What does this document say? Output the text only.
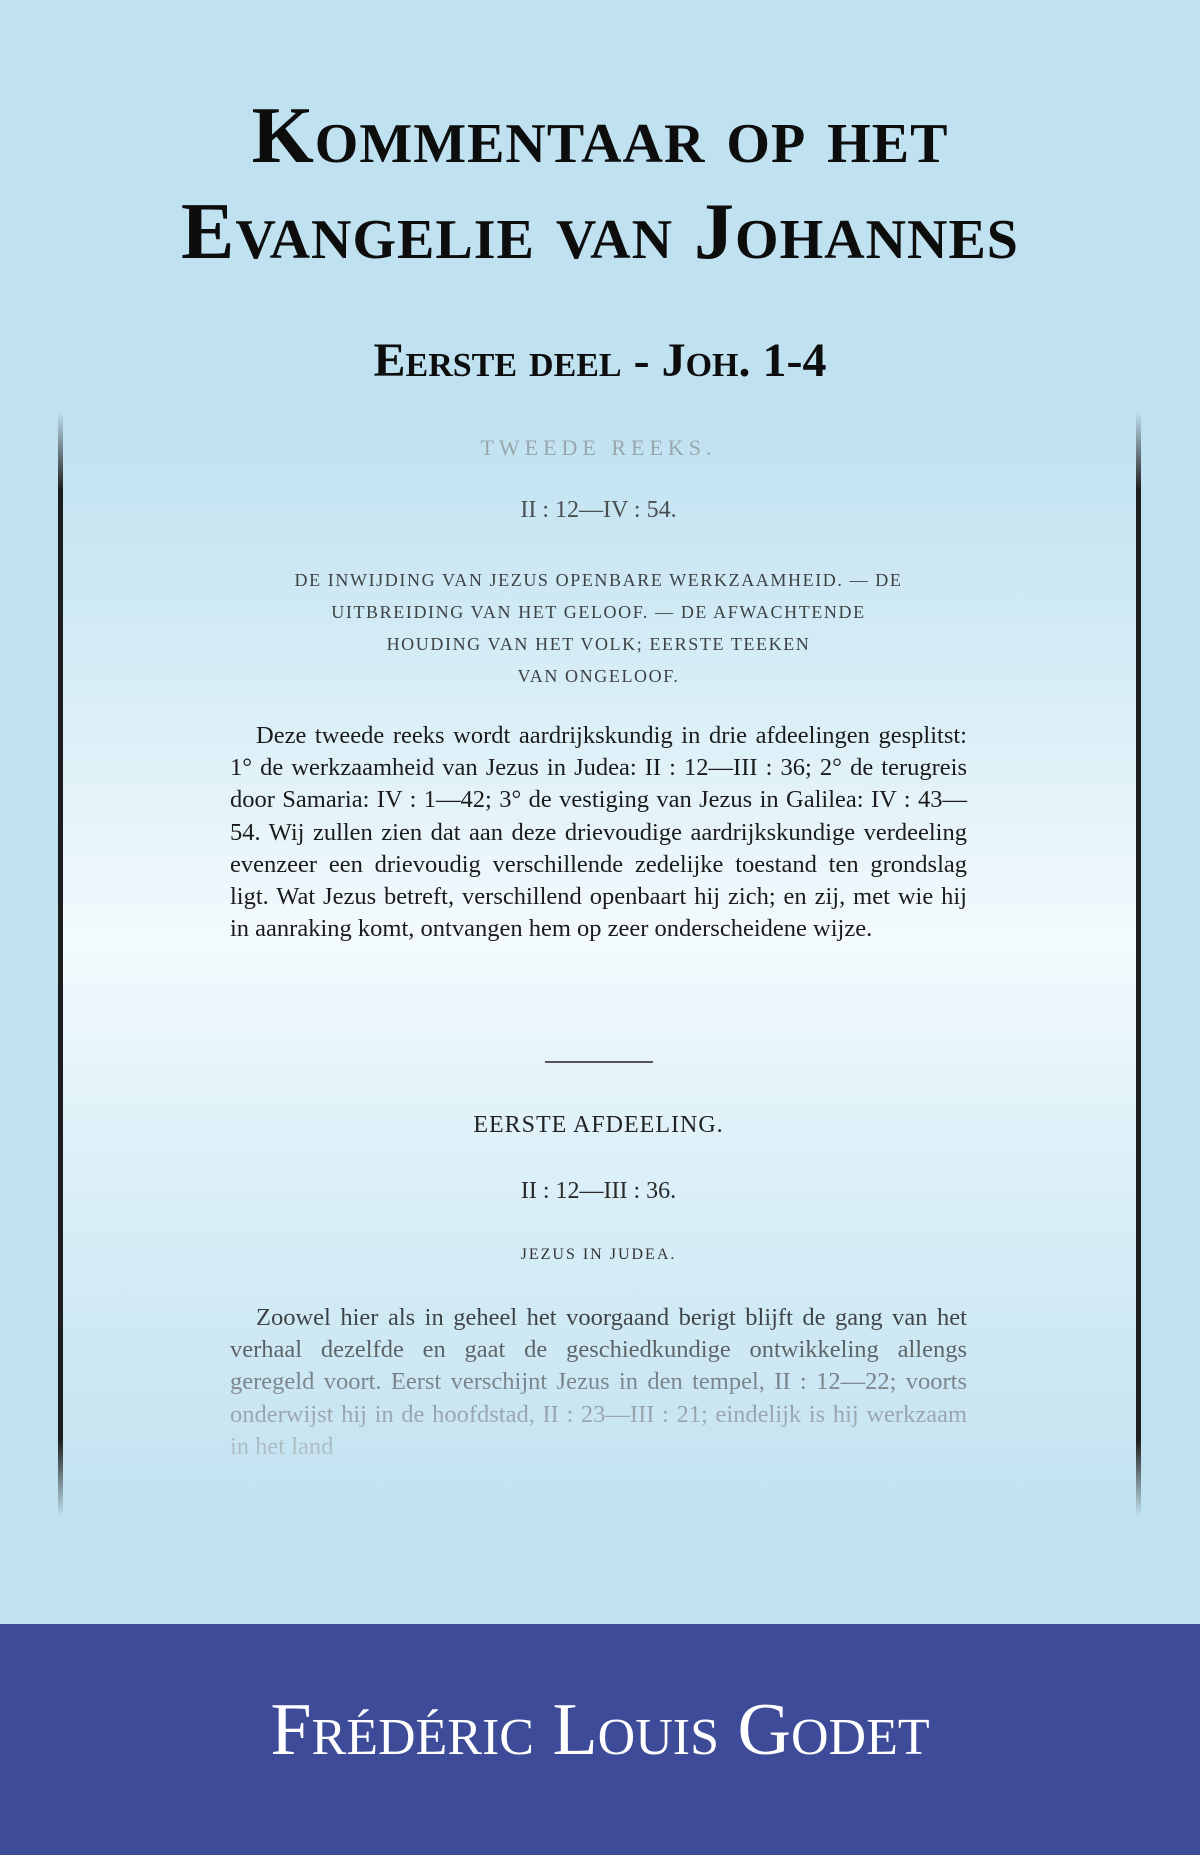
Kommentaar op het
Evangelie van Johannes
Eerste deel - Joh. 1-4
TWEEDE REEKS.
II : 12—IV : 54.
DE INWIJDING VAN JEZUS OPENBARE WERKZAAMHEID. — DE
UITBREIDING VAN HET GELOOF. — DE AFWACHTENDE
HOUDING VAN HET VOLK; EERSTE TEEKEN
VAN ONGELOOF.
Deze tweede reeks wordt aardrijkskundig in drie afdeelingen gesplitst: 1° de werkzaamheid van Jezus in Judea: II : 12—III : 36; 2° de terugreis door Samaria: IV : 1—42; 3° de vestiging van Jezus in Galilea: IV : 43—54. Wij zullen zien dat aan deze drievoudige aardrijkskundige verdeeling evenzeer een drievoudig verschillende zedelijke toestand ten grondslag ligt. Wat Jezus betreft, verschillend openbaart hij zich; en zij, met wie hij in aanraking komt, ontvangen hem op zeer onderscheidene wijze.
EERSTE AFDEELING.
II : 12—III : 36.
JEZUS IN JUDEA.
Zoowel hier als in geheel het voorgaand berigt blijft de gang van het verhaal dezelfde en gaat de geschiedkundige ontwikkeling allengs geregeld voort. Eerst verschijnt Jezus in den tempel, II : 12—22; voorts onderwijst hij in de hoofdstad, II : 23—III : 21; eindelijk is hij werkzaam in het land
Frédéric Louis Godet
